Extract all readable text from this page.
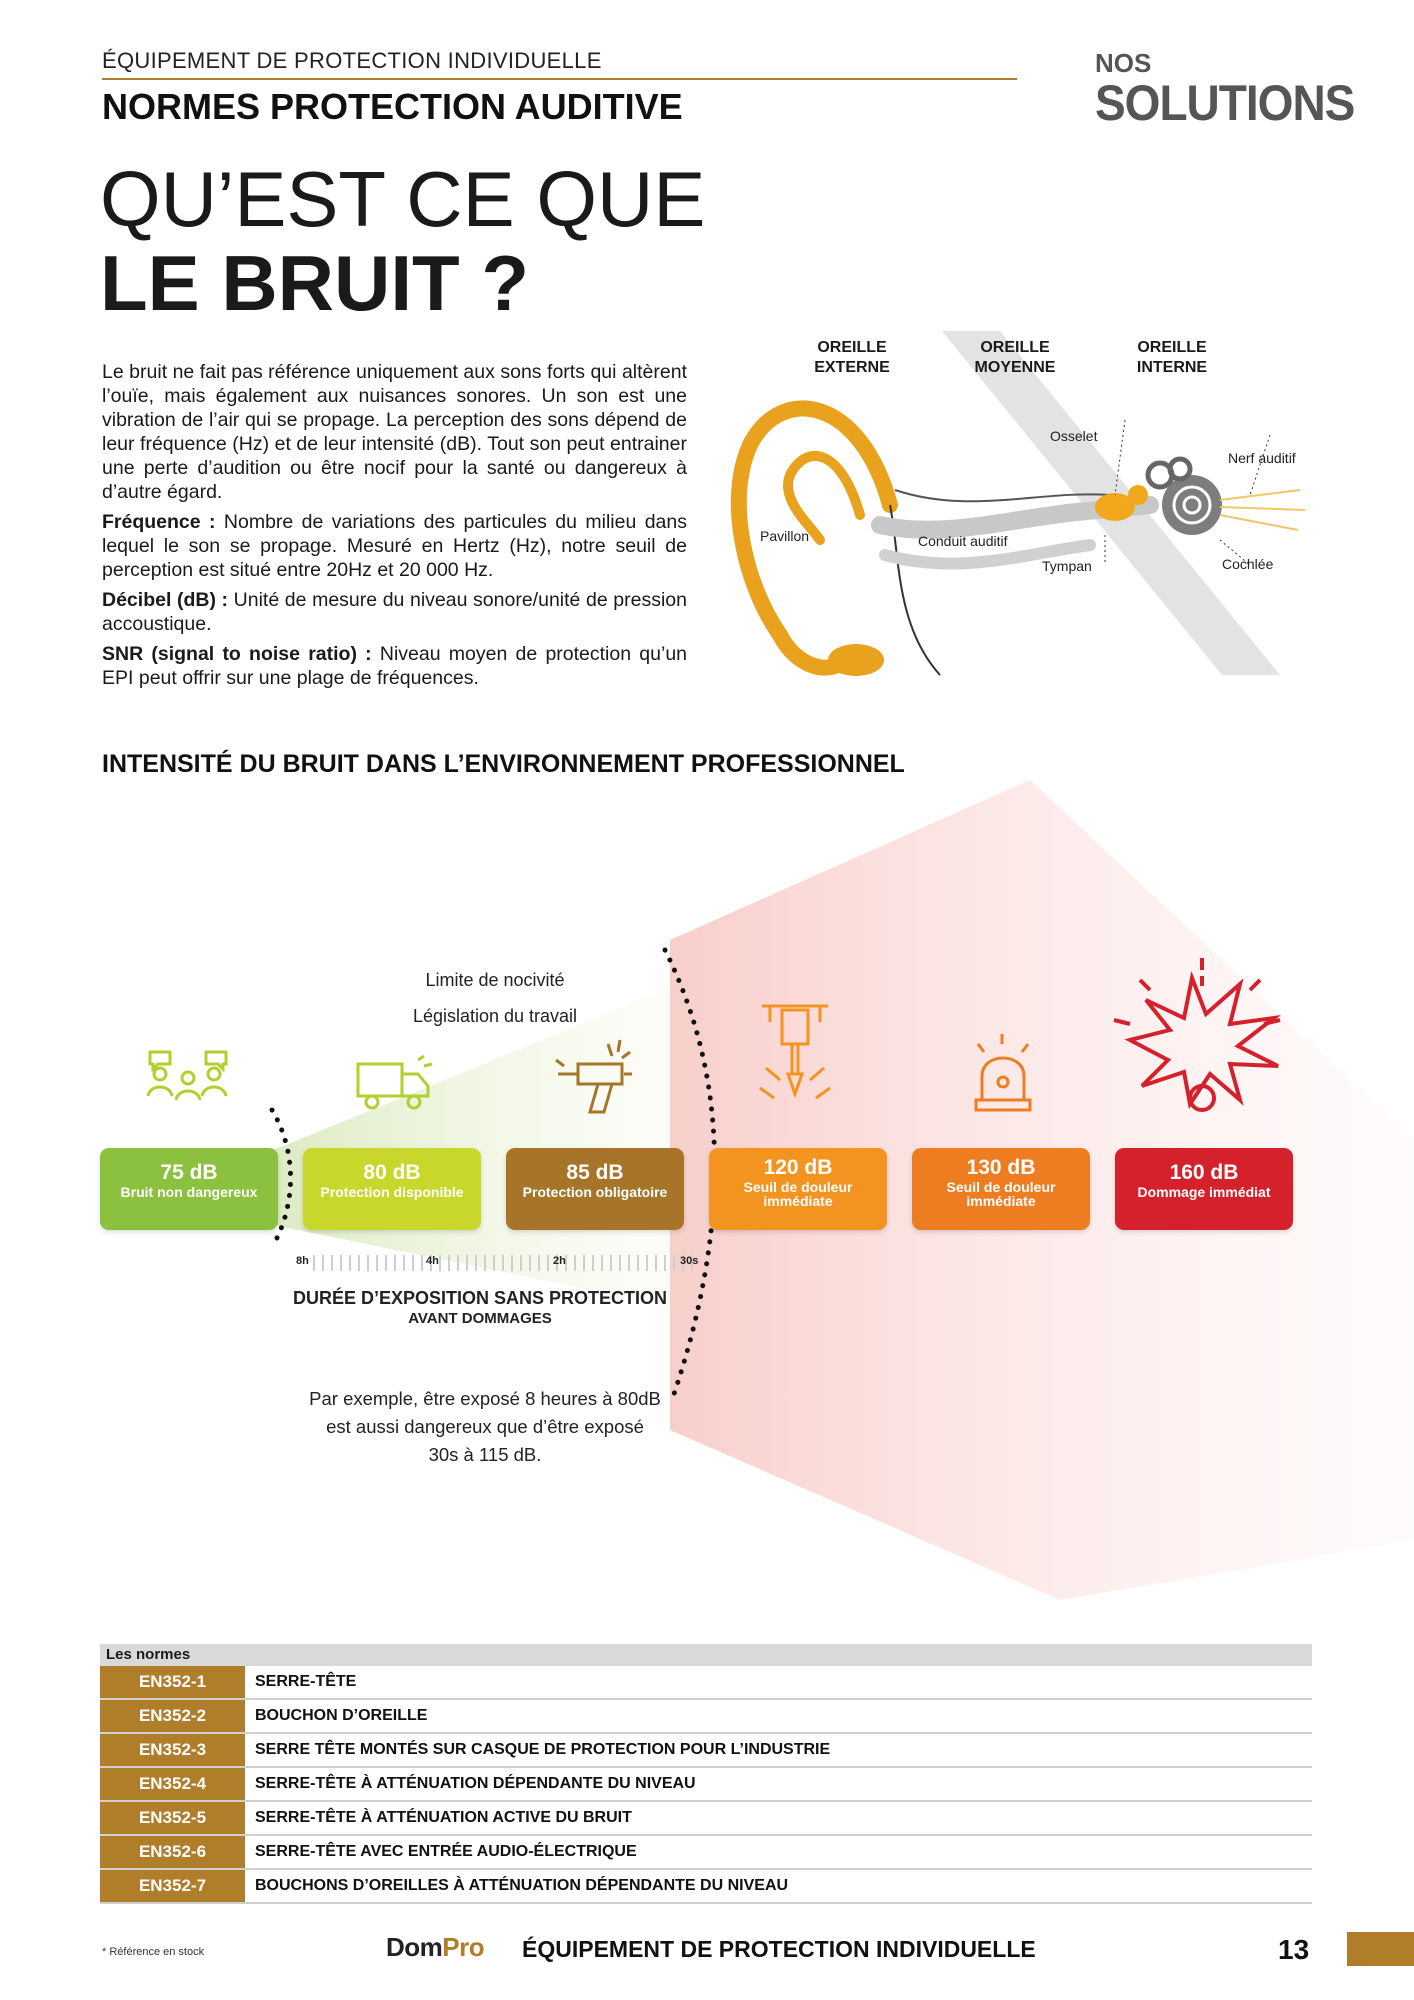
ÉQUIPEMENT DE PROTECTION INDIVIDUELLE
NORMES PROTECTION AUDITIVE
NOS
SOLUTIONS
QU’EST CE QUE
LE BRUIT ?

Le bruit ne fait pas référence uniquement aux sons forts qui altèrent l’ouïe, mais également aux nuisances sonores. Un son est une vibration de l’air qui se propage. La perception des sons dépend de leur fréquence (Hz) et de leur intensité (dB). Tout son peut entrainer une perte d’audition ou être nocif pour la santé ou dangereux à d’autre égard.

Fréquence : Nombre de variations des particules du milieu dans lequel le son se propage. Mesuré en Hertz (Hz), notre seuil de perception est situé entre 20Hz et 20 000 Hz.

Décibel (dB) : Unité de mesure du niveau sonore/unité de pression accoustique.

SNR (signal to noise ratio) : Niveau moyen de protection qu’un EPI peut offrir sur une plage de fréquences.

OREILLE
EXTERNE
OREILLE
MOYENNE
OREILLE
INTERNE
Pavillon	Conduit auditif
Osselet
Tympan
Nerf auditif
Cochlée
INTENSITÉ DU BRUIT DANS L’ENVIRONNEMENT PROFESSIONNEL
Limite de nocivité
Législation du travail
75 dB
Bruit non dangereux
80 dB
Protection disponible
85 dB
Protection obligatoire
120 dB
Seuil de douleur immédiate
130 dB
Seuil de douleur immédiate
160 dB
Dommage immédiat
8h	4h	2h	30s
DURÉE D’EXPOSITION SANS PROTECTION
AVANT DOMMAGES
Par exemple, être exposé 8 heures à 80dB
est aussi dangereux que d’être exposé
30s à 115 dB.
Les normes
EN352-1	SERRE-TÊTE
EN352-2	BOUCHON D’OREILLE
EN352-3	SERRE TÊTE MONTÉS SUR CASQUE DE PROTECTION POUR L’INDUSTRIE
EN352-4	SERRE-TÊTE À ATTÉNUATION DÉPENDANTE DU NIVEAU
EN352-5	SERRE-TÊTE À ATTÉNUATION ACTIVE DU BRUIT
EN352-6	SERRE-TÊTE AVEC ENTRÉE AUDIO-ÉLECTRIQUE
EN352-7	BOUCHONS D’OREILLES À ATTÉNUATION DÉPENDANTE DU NIVEAU
* Référence en stock	DomPro ÉQUIPEMENT DE PROTECTION INDIVIDUELLE	13
